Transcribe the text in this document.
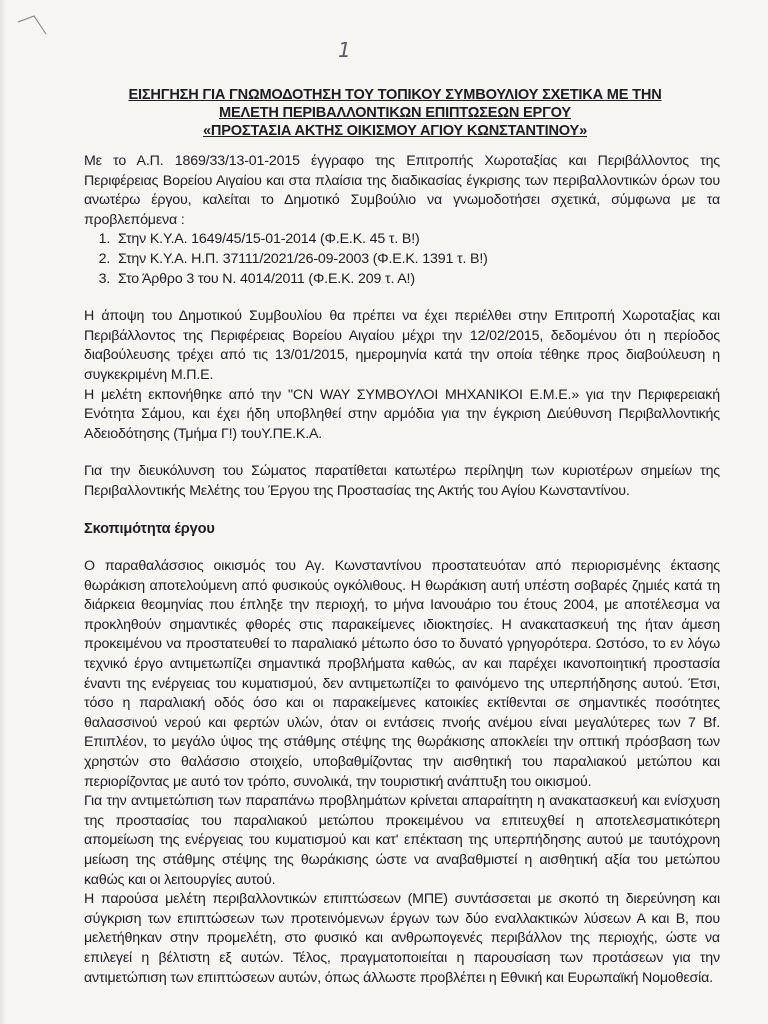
1
ΕΙΣΗΓΗΣΗ ΓΙΑ ΓΝΩΜΟΔΟΤΗΣΗ ΤΟΥ ΤΟΠΙΚΟΥ ΣΥΜΒΟΥΛΙΟΥ ΣΧΕΤΙΚΑ ΜΕ ΤΗΝ
ΜΕΛΕΤΗ ΠΕΡΙΒΑΛΛΟΝΤΙΚΩΝ ΕΠΙΠΤΩΣΕΩΝ ΕΡΓΟΥ
«ΠΡΟΣΤΑΣΙΑ ΑΚΤΗΣ ΟΙΚΙΣΜΟΥ ΑΓΙΟΥ ΚΩΝΣΤΑΝΤΙΝΟΥ»

Με το Α.Π. 1869/33/13-01-2015 έγγραφο της Επιτροπής Χωροταξίας και Περιβάλλοντος της Περιφέρειας Βορείου Αιγαίου και στα πλαίσια της διαδικασίας έγκρισης των περιβαλλοντικών όρων του ανωτέρω έργου, καλείται το Δημοτικό Συμβούλιο να γνωμοδοτήσει σχετικά, σύμφωνα με τα προβλεπόμενα :

1. Στην Κ.Υ.Α. 1649/45/15-01-2014 (Φ.Ε.Κ. 45 τ. Β!)
2. Στην Κ.Υ.Α. Η.Π. 37111/2021/26-09-2003 (Φ.Ε.Κ. 1391 τ. Β!)
3. Στο Άρθρο 3 του Ν. 4014/2011 (Φ.Ε.Κ. 209 τ. Α!)

Η άποψη του Δημοτικού Συμβουλίου θα πρέπει να έχει περιέλθει στην Επιτροπή Χωροταξίας και Περιβάλλοντος της Περιφέρειας Βορείου Αιγαίου μέχρι την 12/02/2015, δεδομένου ότι η περίοδος διαβούλευσης τρέχει από τις 13/01/2015, ημερομηνία κατά την οποία τέθηκε προς διαβούλευση η συγκεκριμένη Μ.Π.Ε.

Η μελέτη εκπονήθηκε από την "CN WAY ΣΥΜΒΟΥΛΟΙ ΜΗΧΑΝΙΚΟΙ Ε.Μ.Ε.» για την Περιφερειακή Ενότητα Σάμου, και έχει ήδη υποβληθεί στην αρμόδια για την έγκριση Διεύθυνση Περιβαλλοντικής Αδειοδότησης (Τμήμα Γ!) τουΥ.ΠΕ.Κ.Α.

Για την διευκόλυνση του Σώματος παρατίθεται κατωτέρω περίληψη των κυριοτέρων σημείων της Περιβαλλοντικής Μελέτης του Έργου της Προστασίας της Ακτής του Αγίου Κωνσταντίνου.

Σκοπιμότητα έργου

Ο παραθαλάσσιος οικισμός του Αγ. Κωνσταντίνου προστατευόταν από περιορισμένης έκτασης θωράκιση αποτελούμενη από φυσικούς ογκόλιθους. Η θωράκιση αυτή υπέστη σοβαρές ζημιές κατά τη διάρκεια θεομηνίας που έπληξε την περιοχή, το μήνα Ιανουάριο του έτους 2004, με αποτέλεσμα να προκληθούν σημαντικές φθορές στις παρακείμενες ιδιοκτησίες. Η ανακατασκευή της ήταν άμεση προκειμένου να προστατευθεί το παραλιακό μέτωπο όσο το δυνατό γρηγορότερα. Ωστόσο, το εν λόγω τεχνικό έργο αντιμετωπίζει σημαντικά προβλήματα καθώς, αν και παρέχει ικανοποιητική προστασία έναντι της ενέργειας του κυματισμού, δεν αντιμετωπίζει το φαινόμενο της υπερπήδησης αυτού. Έτσι, τόσο η παραλιακή οδός όσο και οι παρακείμενες κατοικίες εκτίθενται σε σημαντικές ποσότητες θαλασσινού νερού και φερτών υλών, όταν οι εντάσεις πνοής ανέμου είναι μεγαλύτερες των 7 Bf. Επιπλέον, το μεγάλο ύψος της στάθμης στέψης της θωράκισης αποκλείει την οπτική πρόσβαση των χρηστών στο θαλάσσιο στοιχείο, υποβαθμίζοντας την αισθητική του παραλιακού μετώπου και περιορίζοντας με αυτό τον τρόπο, συνολικά, την τουριστική ανάπτυξη του οικισμού.

Για την αντιμετώπιση των παραπάνω προβλημάτων κρίνεται απαραίτητη η ανακατασκευή και ενίσχυση της προστασίας του παραλιακού μετώπου προκειμένου να επιτευχθεί η αποτελεσματικότερη απομείωση της ενέργειας του κυματισμού και κατ' επέκταση της υπερπήδησης αυτού με ταυτόχρονη μείωση της στάθμης στέψης της θωράκισης ώστε να αναβαθμιστεί η αισθητική αξία του μετώπου καθώς και οι λειτουργίες αυτού.

Η παρούσα μελέτη περιβαλλοντικών επιπτώσεων (ΜΠΕ) συντάσσεται με σκοπό τη διερεύνηση και σύγκριση των επιπτώσεων των προτεινόμενων έργων των δύο εναλλακτικών λύσεων Α και Β, που μελετήθηκαν στην προμελέτη, στο φυσικό και ανθρωπογενές περιβάλλον της περιοχής, ώστε να επιλεγεί η βέλτιστη εξ αυτών. Τέλος, πραγματοποιείται η παρουσίαση των προτάσεων για την αντιμετώπιση των επιπτώσεων αυτών, όπως άλλωστε προβλέπει η Εθνική και Ευρωπαϊκή Νομοθεσία.
